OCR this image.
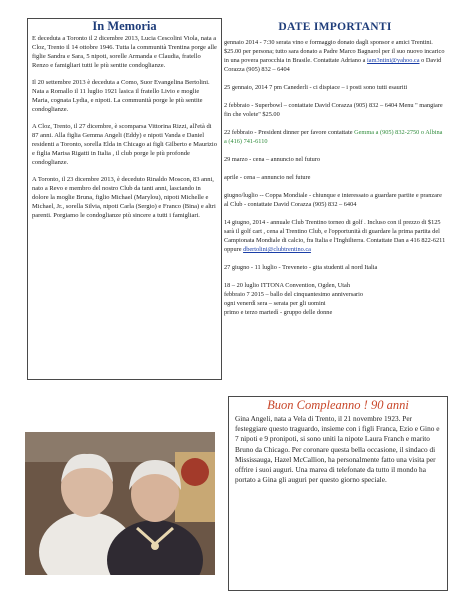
In Memoria

E deceduta a Toronto il 2 dicembre 2013, Lucia Cescolini Viola, nata a Cloz, Trento il 14 ottobre 1946. Tutta la communità Trentina porge alle figlie Sandra e Sara, 5 nipoti, sorelle Armanda e Claudia, fratello Renzo e famigliari tutti le più sentite condoglianze.

Il 20 settembre 2013 è deceduta a Como, Suor Evangelina Bertolini. Nata a Romallo il 11 luglio 1921 lasica il fratello Livio e moglie Maria, cognata Lydia, e nipoti. La communità porge le più sentite condoglianze.

A Cloz, Trento, il 27 dicembre, è scomparsa Vittorina Rizzi, all'età di 87 anni. Alla figlia Gemma Angeli (Eddy) e nipoti Vanda e Daniel residenti a Toronto, sorella Elda in Chicago ai figli Gilberto e Maurizio e figlia Marisa Rigatti in Italia , il club porge le più profonde condoglianze.

A Toronto, il 23 dicembre 2013, è deceduto Rinaldo Moscon, 83 anni, nato a Revo e membro del nostro Club da tanti anni, lasciando in dolore la moglie Bruna, figlio Michael (Marylou), nipoti Michelle e Michael, Jr., sorella Silvia, nipoti Carla (Sergio) e Franco (Bina) e altri parenti. Porgiamo le condoglianze più sincere a tutti i famigliari.

DATE IMPORTANTI

gennaio 2014 - 7:30 serata vino e formaggio donato dagli sponsor e amici Trentini. $25.00 per persona; tutto sara donato a Padre Marco Bagnarol per il suo nuovo incarico in una povera parocchia in Brasile. Contattate Adriano a iam3ntini@yahoo.ca o David Corazza (905) 832 – 6404

25 gennaio, 2014 7 pm Canederli - ci dispiace – i posti sono tutti esauriti

2 febbraio - Superbowl – contattate David Corazza (905) 832 – 6404 Menu " mangiare fin che volete" $25.00

22 febbraio - President dinner per favore contattate Gemma a (905) 832-2750 o Albina a (416) 741-6110

29 marzo - cena – annuncio nel futuro

aprile - cena – annuncio nel future

giugno/luglio -- Coppa Mondiale - chiunque e interessato a guardare partite e pranzare al Club - contattate David Corazza (905) 832 – 6404

14 giugno, 2014 - annuale Club Trentino torneo di golf . Incluso con il prezzo di $125 sarà il golf cart , cena al Trentino Club, e l'opportunità di guardare la prima partita del Campionata Mondiale di calcio, fra Italia e l'Inghilterra. Contattate Dan a 416 822-6211 oppure dbertolini@clubtrentino.ca

27 giugno - 11 luglio - Treveneto - gita studenti al nord Italia

18 – 20 luglio ITTONA Convention, Ogden, Utah
febbraio 7 2015 – ballo del cinquantesimo anniversario
ogni venerdì sera – serata per gli uomini
primo e terzo martedì - gruppo delle donne

Buon Compleanno ! 90 anni

Gina Angeli, nata a Vela di Trento, il 21 novembre 1923. Per festeggiare questo traguardo, insieme con i figli Franca, Ezio e Gino e 7 nipoti e 9 pronipoti, si sono uniti la nipote Laura Franch e marito Bruno da Chicago. Per coronare questa bella occasione, il sindaco di Mississauga, Hazel McCallion, ha personalmente fatto una visita per offrire i suoi auguri. Una marea di telefonate da tutto il mondo ha portato a Gina gli auguri per questo giorno speciale.
